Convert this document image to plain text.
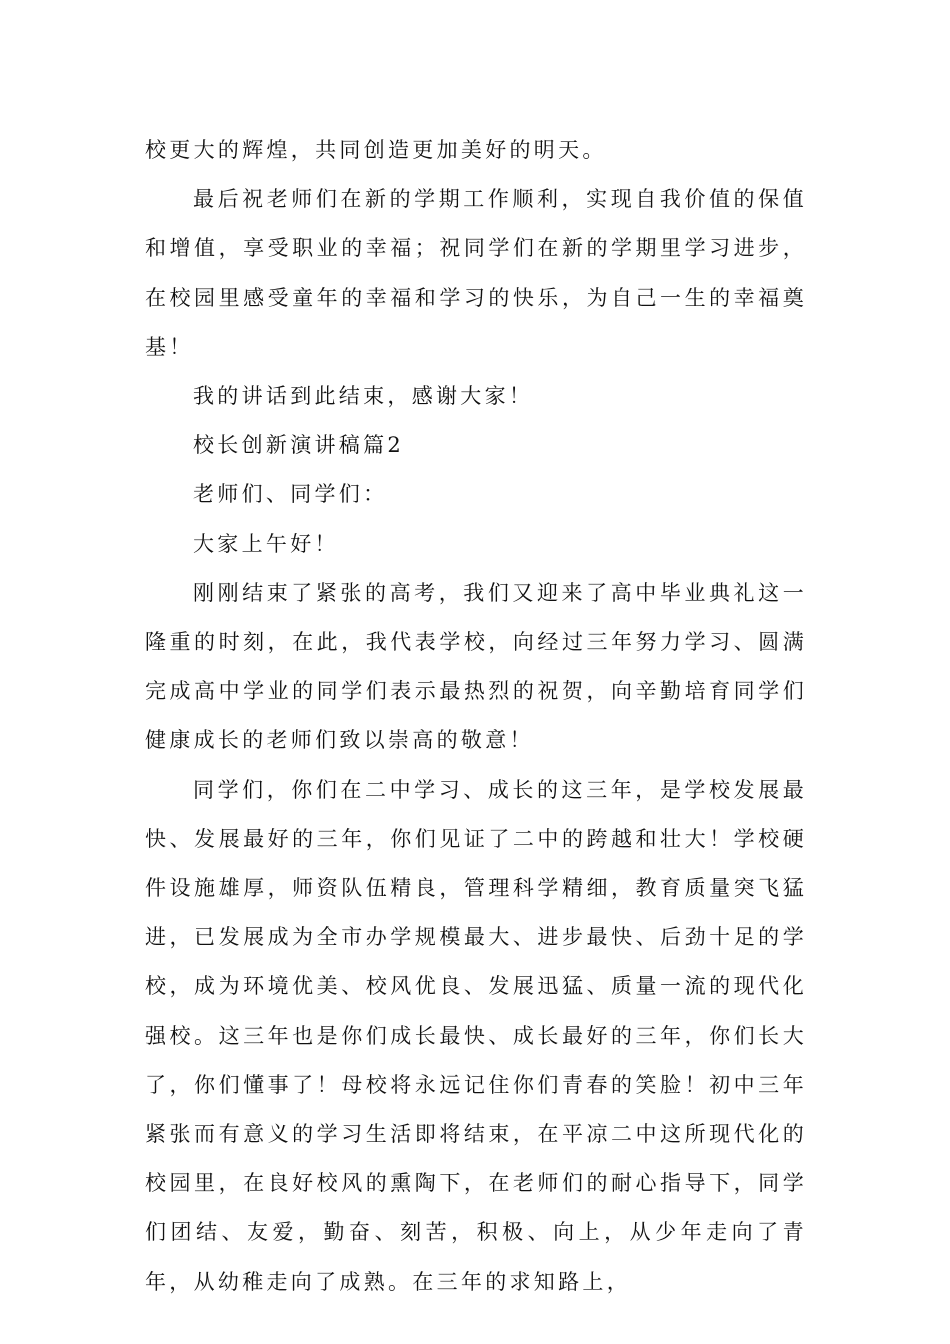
校更大的辉煌，共同创造更加美好的明天。

最后祝老师们在新的学期工作顺利，实现自我价值的保值和增值，享受职业的幸福；祝同学们在新的学期里学习进步，在校园里感受童年的幸福和学习的快乐，为自己一生的幸福奠基！

我的讲话到此结束，感谢大家！

校长创新演讲稿篇2

老师们、同学们：

大家上午好！

刚刚结束了紧张的高考，我们又迎来了高中毕业典礼这一隆重的时刻，在此，我代表学校，向经过三年努力学习、圆满完成高中学业的同学们表示最热烈的祝贺，向辛勤培育同学们健康成长的老师们致以崇高的敬意！

同学们，你们在二中学习、成长的这三年，是学校发展最快、发展最好的三年，你们见证了二中的跨越和壮大！学校硬件设施雄厚，师资队伍精良，管理科学精细，教育质量突飞猛进，已发展成为全市办学规模最大、进步最快、后劲十足的学校，成为环境优美、校风优良、发展迅猛、质量一流的现代化强校。这三年也是你们成长最快、成长最好的三年，你们长大了，你们懂事了！母校将永远记住你们青春的笑脸！初中三年紧张而有意义的学习生活即将结束，在平凉二中这所现代化的校园里，在良好校风的熏陶下，在老师们的耐心指导下，同学们团结、友爱，勤奋、刻苦，积极、向上，从少年走向了青年，从幼稚走向了成熟。在三年的求知路上，
